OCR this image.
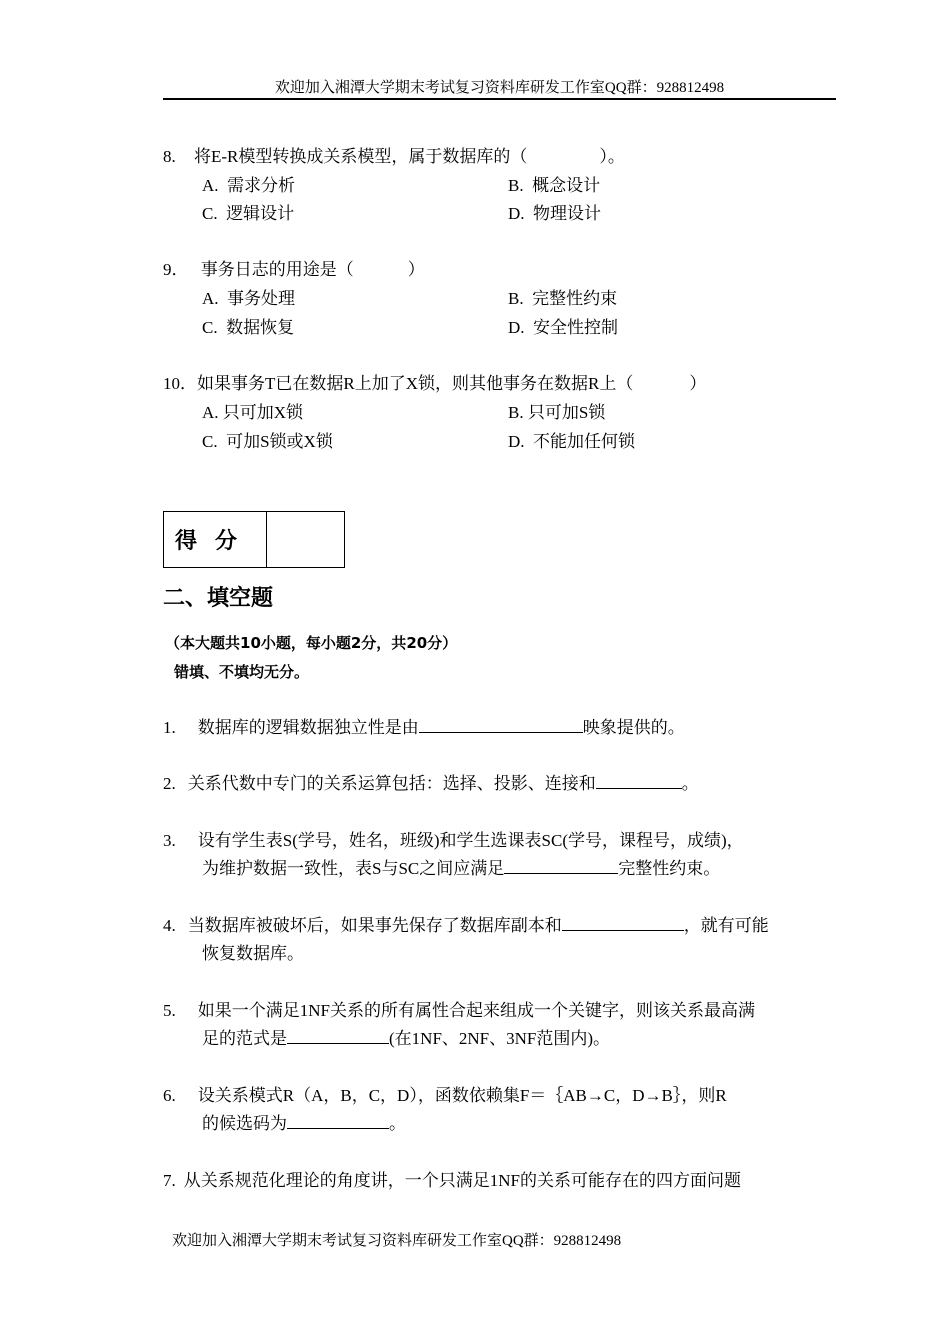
欢迎加入湘潭大学期末考试复习资料库研发工作室QQ群：928812498
8. 将E-R模型转换成关系模型，属于数据库的（	）。
A. 需求分析	B. 概念设计
C. 逻辑设计	D. 物理设计
9． 事务日志的用途是（	）
A. 事务处理	B. 完整性约束
C. 数据恢复	D. 安全性控制
10．如果事务T已在数据R上加了X锁，则其他事务在数据R上（	）
A. 只可加X锁	B. 只可加S锁
C. 可加S锁或X锁	D. 不能加任何锁
得分
二、填空题
（本大题共10小题，每小题2分，共20分）
错填、不填均无分。
1. 数据库的逻辑数据独立性是由	映象提供的。
2. 关系代数中专门的关系运算包括：选择、投影、连接和	。
3. 设有学生表S(学号，姓名，班级)和学生选课表SC(学号，课程号，成绩)，
为维护数据一致性，表S与SC之间应满足	完整性约束。
4. 当数据库被破坏后，如果事先保存了数据库副本和	，就有可能
恢复数据库。
5. 如果一个满足1NF关系的所有属性合起来组成一个关键字，则该关系最高满
足的范式是	(在1NF、2NF、3NF范围内)。
6. 设关系模式R（A，B，C，D），函数依赖集F＝｛AB→C，D→B｝，则R
的候选码为	。
7. 从关系规范化理论的角度讲，一个只满足1NF的关系可能存在的四方面问题
欢迎加入湘潭大学期末考试复习资料库研发工作室QQ群：928812498
